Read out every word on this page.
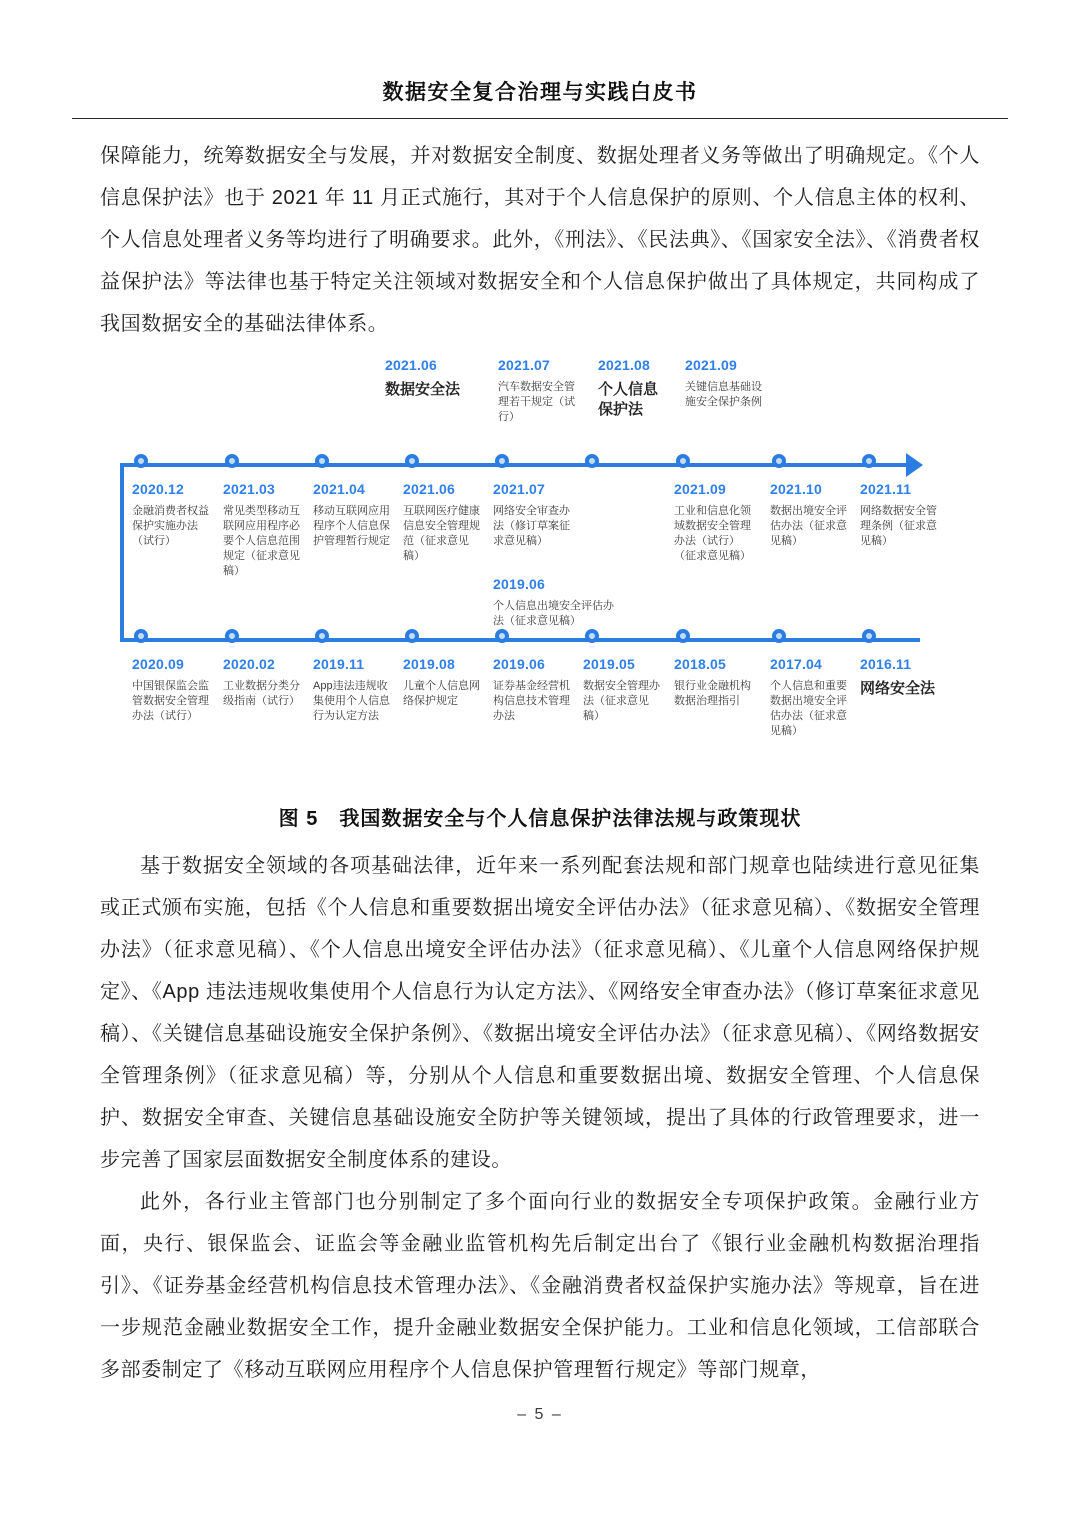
数据安全复合治理与实践白皮书

保障能力，统筹数据安全与发展，并对数据安全制度、数据处理者义务等做出了明确规定。《个人信息保护法》也于 2021 年 11 月正式施行，其对于个人信息保护的原则、个人信息主体的权利、个人信息处理者义务等均进行了明确要求。此外，《刑法》、《民法典》、《国家安全法》、《消费者权益保护法》等法律也基于特定关注领域对数据安全和个人信息保护做出了具体规定，共同构成了我国数据安全的基础法律体系。

2021.06
数据安全法
2021.07
汽车数据安全管理若干规定（试行）
2021.08
个人信息保护法
2021.09
关键信息基础设施安全保护条例
2020.12
金融消费者权益保护实施办法（试行）
2021.03
常见类型移动互联网应用程序必要个人信息范围规定（征求意见稿）
2021.04
移动互联网应用程序个人信息保护管理暂行规定
2021.06
互联网医疗健康信息安全管理规范（征求意见稿）
2021.07
网络安全审查办法（修订草案征求意见稿）
2019.06
个人信息出境安全评估办法（征求意见稿）
2021.09
工业和信息化领域数据安全管理办法（试行）（征求意见稿）
2021.10
数据出境安全评估办法（征求意见稿）
2021.11
网络数据安全管理条例（征求意见稿）
2020.09
中国银保监会监管数据安全管理办法（试行）
2020.02
工业数据分类分级指南（试行）
2019.11
App违法违规收集使用个人信息行为认定方法
2019.08
儿童个人信息网络保护规定
2019.06
证券基金经营机构信息技术管理办法
2019.05
数据安全管理办法（征求意见稿）
2018.05
银行业金融机构数据治理指引
2017.04
个人信息和重要数据出境安全评估办法（征求意见稿）
2016.11
网络安全法
图 5　我国数据安全与个人信息保护法律法规与政策现状

基于数据安全领域的各项基础法律，近年来一系列配套法规和部门规章也陆续进行意见征集或正式颁布实施，包括《个人信息和重要数据出境安全评估办法》（征求意见稿）、《数据安全管理办法》（征求意见稿）、《个人信息出境安全评估办法》（征求意见稿）、《儿童个人信息网络保护规定》、《App 违法违规收集使用个人信息行为认定方法》、《网络安全审查办法》（修订草案征求意见稿）、《关键信息基础设施安全保护条例》、《数据出境安全评估办法》（征求意见稿）、《网络数据安全管理条例》（征求意见稿）等，分别从个人信息和重要数据出境、数据安全管理、个人信息保护、数据安全审查、关键信息基础设施安全防护等关键领域，提出了具体的行政管理要求，进一步完善了国家层面数据安全制度体系的建设。

此外，各行业主管部门也分别制定了多个面向行业的数据安全专项保护政策。金融行业方面，央行、银保监会、证监会等金融业监管机构先后制定出台了《银行业金融机构数据治理指引》、《证券基金经营机构信息技术管理办法》、《金融消费者权益保护实施办法》等规章，旨在进一步规范金融业数据安全工作，提升金融业数据安全保护能力。工业和信息化领域，工信部联合多部委制定了《移动互联网应用程序个人信息保护管理暂行规定》等部门规章，

– 5 –
